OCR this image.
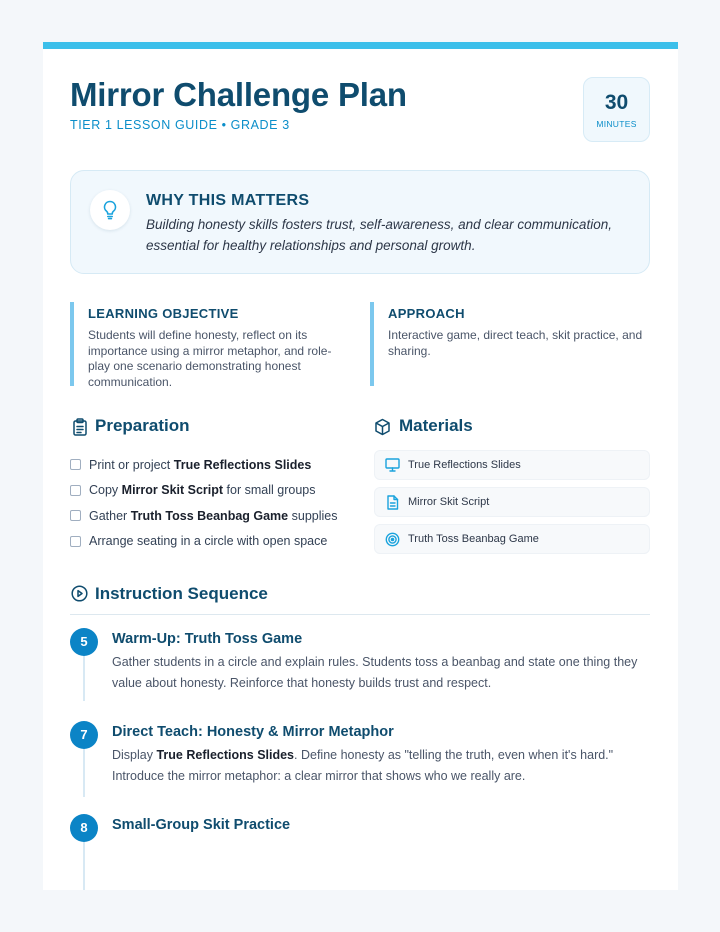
Mirror Challenge Plan
TIER 1 LESSON GUIDE • GRADE 3
30
MINUTES
WHY THIS MATTERS

Building honesty skills fosters trust, self-awareness, and clear communication, essential for healthy relationships and personal growth.

LEARNING OBJECTIVE

Students will define honesty, reflect on its importance using a mirror metaphor, and role-play one scenario demonstrating honest communication.

APPROACH

Interactive game, direct teach, skit practice, and sharing.

Preparation
Print or project True Reflections Slides
Copy Mirror Skit Script for small groups
Gather Truth Toss Beanbag Game supplies
Arrange seating in a circle with open space
Materials
True Reflections Slides
Mirror Skit Script
Truth Toss Beanbag Game
Instruction Sequence
5	Warm-Up: Truth Toss Game
Gather students in a circle and explain rules. Students toss a beanbag and state one thing they value about honesty. Reinforce that honesty builds trust and respect.
7	Direct Teach: Honesty & Mirror Metaphor
Display True Reflections Slides. Define honesty as "telling the truth, even when it's hard." Introduce the mirror metaphor: a clear mirror that shows who we really are.
8	Small-Group Skit Practice
